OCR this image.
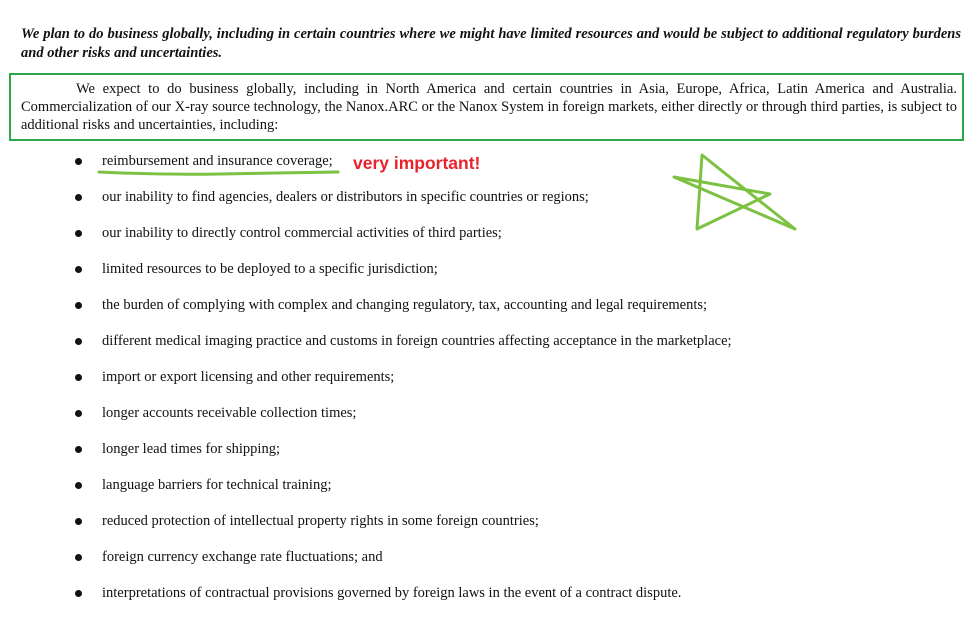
We plan to do business globally, including in certain countries where we might have limited resources and would be subject to additional regulatory burdens and other risks and uncertainties.
We expect to do business globally, including in North America and certain countries in Asia, Europe, Africa, Latin America and Australia. Commercialization of our X-ray source technology, the Nanox.ARC or the Nanox System in foreign markets, either directly or through third parties, is subject to additional risks and uncertainties, including:
reimbursement and insurance coverage;
our inability to find agencies, dealers or distributors in specific countries or regions;
our inability to directly control commercial activities of third parties;
limited resources to be deployed to a specific jurisdiction;
the burden of complying with complex and changing regulatory, tax, accounting and legal requirements;
different medical imaging practice and customs in foreign countries affecting acceptance in the marketplace;
import or export licensing and other requirements;
longer accounts receivable collection times;
longer lead times for shipping;
language barriers for technical training;
reduced protection of intellectual property rights in some foreign countries;
foreign currency exchange rate fluctuations; and
interpretations of contractual provisions governed by foreign laws in the event of a contract dispute.
very important!
